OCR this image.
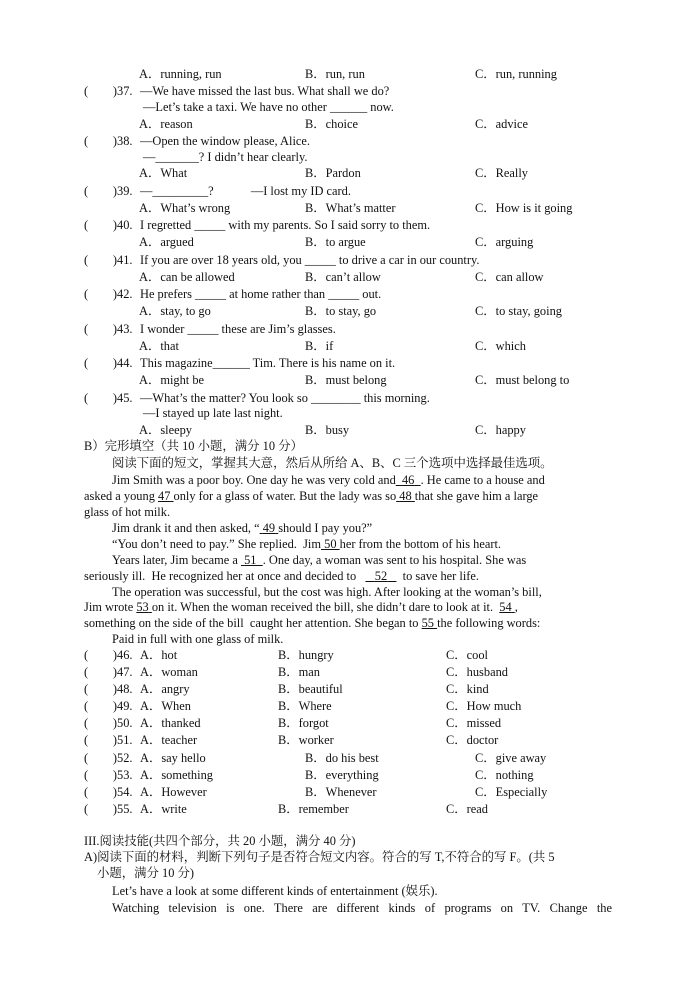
A．running, run	B．run, run	C．run, running
(　　)37. —We have missed the last bus. What shall we do?
—Let’s take a taxi. We have no other ______ now.
A．reason	B．choice	C．advice
(　　)38. —Open the window please, Alice.
—_______? I didn’t hear clearly.
A．What	B．Pardon	C．Really
(　　)39. —_________?　　　—I lost my ID card.
A．What’s wrong	B．What’s matter	C．How is it going
(　　)40. I regretted _____ with my parents. So I said sorry to them.
A．argued	B．to argue	C．arguing
(　　)41. If you are over 18 years old, you _____ to drive a car in our country.
A．can be allowed	B．can’t allow	C．can allow
(　　)42. He prefers _____ at home rather than _____ out.
A．stay, to go	B．to stay, go	C．to stay, going
(　　)43. I wonder _____ these are Jim’s glasses.
A．that	B．if	C．which
(　　)44. This magazine______ Tim. There is his name on it.
A．might be	B．must belong	C．must belong to
(　　)45. —What’s the matter? You look so ________ this morning.
—I stayed up late last night.
A．sleepy	B．busy	C．happy
B）完形填空（共 10 小题，满分 10 分）
阅读下面的短文，掌握其大意，然后从所给 A、B、C 三个选项中选择最佳选项。
Jim Smith was a poor boy. One day he was very cold and 46 . He came to a house and
asked a young 47 only for a glass of water. But the lady was so 48 that she gave him a large
glass of hot milk.
Jim drank it and then asked, “ 49 should I pay you?”
“You don’t need to pay.” She replied.  Jim 50 her from the bottom of his heart.
Years later, Jim became a 51 . One day, a woman was sent to his hospital. She was
seriously ill.  He recognized her at once and decided to 52 to save her life.
The operation was successful, but the cost was high. After looking at the woman’s bill,
Jim wrote 53 on it. When the woman received the bill, she didn’t dare to look at it. 54 ,
something on the side of the bill  caught her attention. She began to 55 the following words:
Paid in full with one glass of milk.
(　　)46. A．hot	B．hungry	C．cool
(　　)47. A．woman	B．man	C．husband
(　　)48. A．angry	B．beautiful	C．kind
(　　)49. A．When	B．Where	C．How much
(　　)50. A．thanked	B．forgot	C．missed
(　　)51. A．teacher	B．worker	C．doctor
(　　)52. A．say hello	B．do his best	C．give away
(　　)53. A．something	B．everything	C．nothing
(　　)54. A．However	B．Whenever	C．Especially
(　　)55. A．write	B．remember	C．read
III.阅读技能(共四个部分，共 20 小题，满分 40 分)
A)阅读下面的材料，判断下列句子是否符合短文内容。符合的写 T,不符合的写 F。(共 5
小题，满分 10 分)
Let’s have a look at some different kinds of entertainment (娱乐).
Watching television is one. There are different kinds of programs on TV. Change the
